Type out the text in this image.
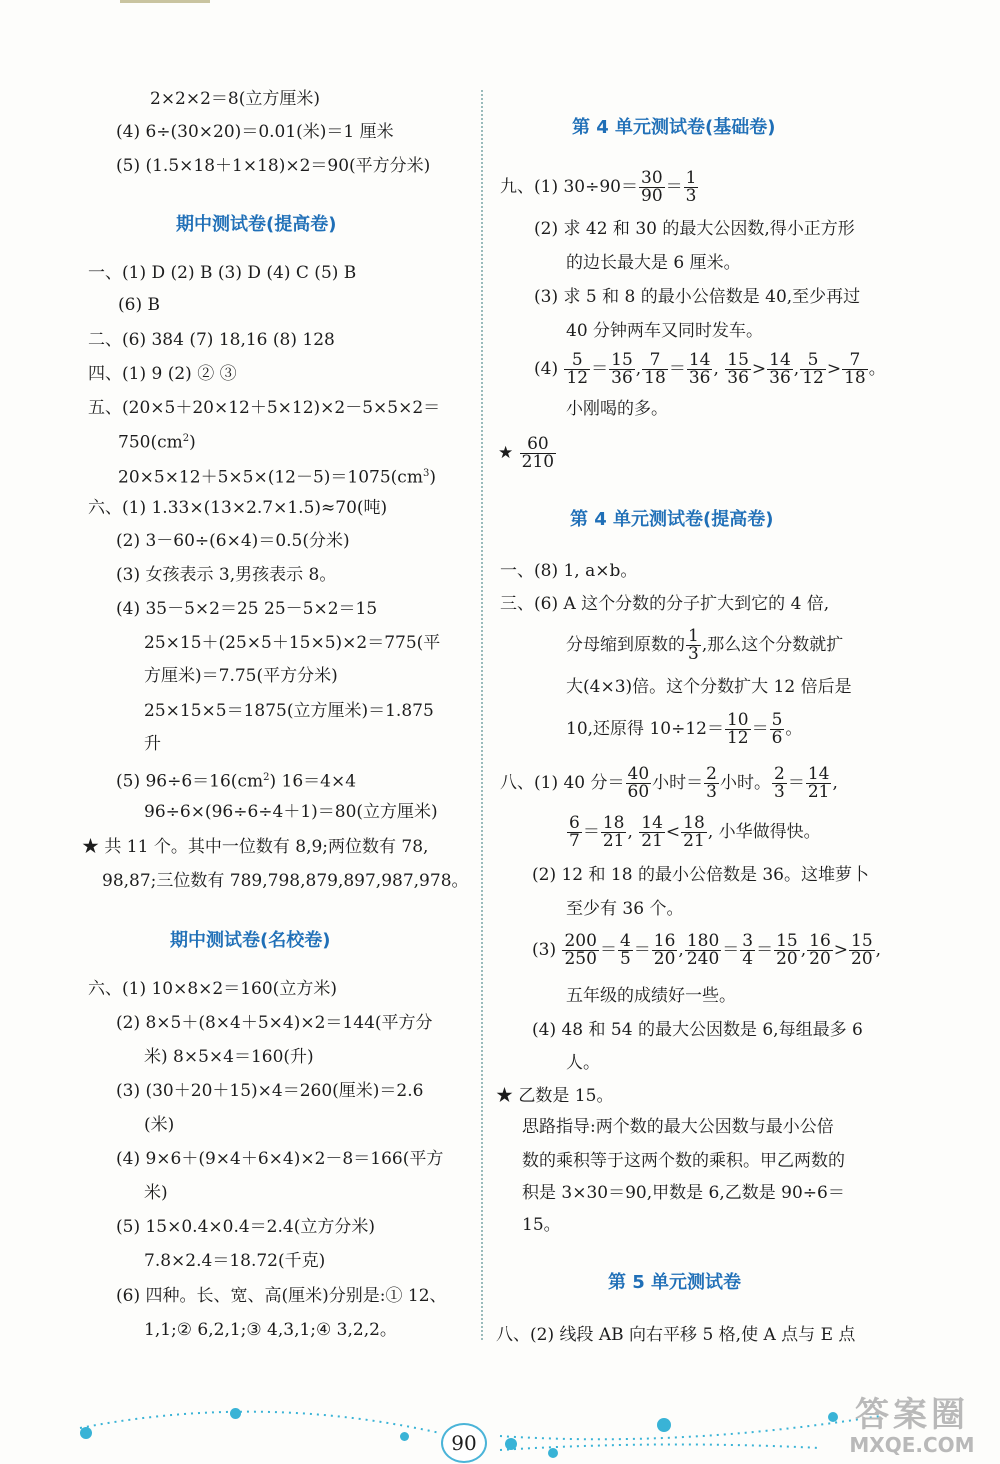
2×2×2＝8(立方厘米)
(4) 6÷(30×20)＝0.01(米)＝1 厘米
(5) (1.5×18＋1×18)×2＝90(平方分米)
期中测试卷(提高卷)
一、(1) D (2) B (3) D (4) C (5) B
(6) B
二、(6) 384 (7) 18,16 (8) 128
四、(1) 9 (2) ② ③
五、(20×5＋20×12＋5×12)×2－5×5×2＝
$750(cm^2)$
$20\times 5\times 12+5\times 5\times(12-5)=1075(cm^3)$
六、(1) 1.33×(13×2.7×1.5)≈70(吨)
(2) 3－60÷(6×4)＝0.5(分米)
(3) 女孩表示 3,男孩表示 8。
(4) 35－5×2＝25 25－5×2＝15
25×15＋(25×5＋15×5)×2＝775(平
方厘米)＝7.75(平方分米)
25×15×5＝1875(立方厘米)＝1.875
升
(5) $96\div 6=16(cm^2)$ 16＝4×4
96÷6×(96÷6÷4＋1)＝80(立方厘米)
★ 共 11 个。其中一位数有 8,9;两位数有 78,
98,87;三位数有 789,798,879,897,987,978。
期中测试卷(名校卷)
六、(1) 10×8×2＝160(立方米)
(2) 8×5＋(8×4＋5×4)×2＝144(平方分
米) 8×5×4＝160(升)
(3) (30＋20＋15)×4＝260(厘米)＝2.6
(米)
(4) 9×6＋(9×4＋6×4)×2－8＝166(平方
米)
(5) 15×0.4×0.4＝2.4(立方分米)
7.8×2.4＝18.72(千克)
(6) 四种。长、宽、高(厘米)分别是:① 12、
1,1;② 6,2,1;③ 4,3,1;④ 3,2,2。
第 4 单元测试卷(基础卷)
九、(1) $30\div 90= \frac{30}{90} = \frac{1}{3}$
(2) 求 42 和 30 的最大公因数,得小正方形
的边长最大是 6 厘米。
(3) 求 5 和 8 的最小公倍数是 40,至少再过
40 分钟两车又同时发车。
$(4) \frac{5}{12} = \frac{15}{36}$ , $\frac{7}{18} = \frac{14}{36}$ , $\frac{15}{36} > \frac{14}{36}$ , $\frac{5}{12} > \frac{7}{18}$ 。
小刚喝的多。
★ $\frac{60}{210}$
第 4 单元测试卷(提高卷)
一、(8) 1, a×b。
三、(6) A 这个分数的分子扩大到它的 4 倍,
分母缩到原数的 $\frac{1}{3}$ ,那么这个分数就扩
大(4×3)倍。这个分数扩大 12 倍后是
10,还原得 $10\div 12= \frac{10}{12} = \frac{5}{6}$ 。
八、(1) 40 分＝ $\frac{40}{60}$ 小时＝ $\frac{2}{3}$ 小时。 $\frac{2}{3} = \frac{14}{21}$ ,
$\frac{6}{7} = \frac{18}{21}$ , $\frac{14}{21} < \frac{18}{21}$ , 小华做得快。
(2) 12 和 18 的最小公倍数是 36。这堆萝卜
至少有 36 个。
$(3) \frac{200}{250} = \frac{4}{5} = \frac{16}{20}$ , $\frac{180}{240} = \frac{3}{4} = \frac{15}{20}$ , $\frac{16}{20} > \frac{15}{20}$ ,
五年级的成绩好一些。
(4) 48 和 54 的最大公因数是 6,每组最多 6
人。
★ 乙数是 15。
思路指导:两个数的最大公因数与最小公倍
数的乘积等于这两个数的乘积。甲乙两数的
积是 3×30＝90,甲数是 6,乙数是 90÷6＝
15。
第 5 单元测试卷
八、(2) 线段 AB 向右平移 5 格,使 A 点与 E 点
90
答案圈
MXQE.COM
